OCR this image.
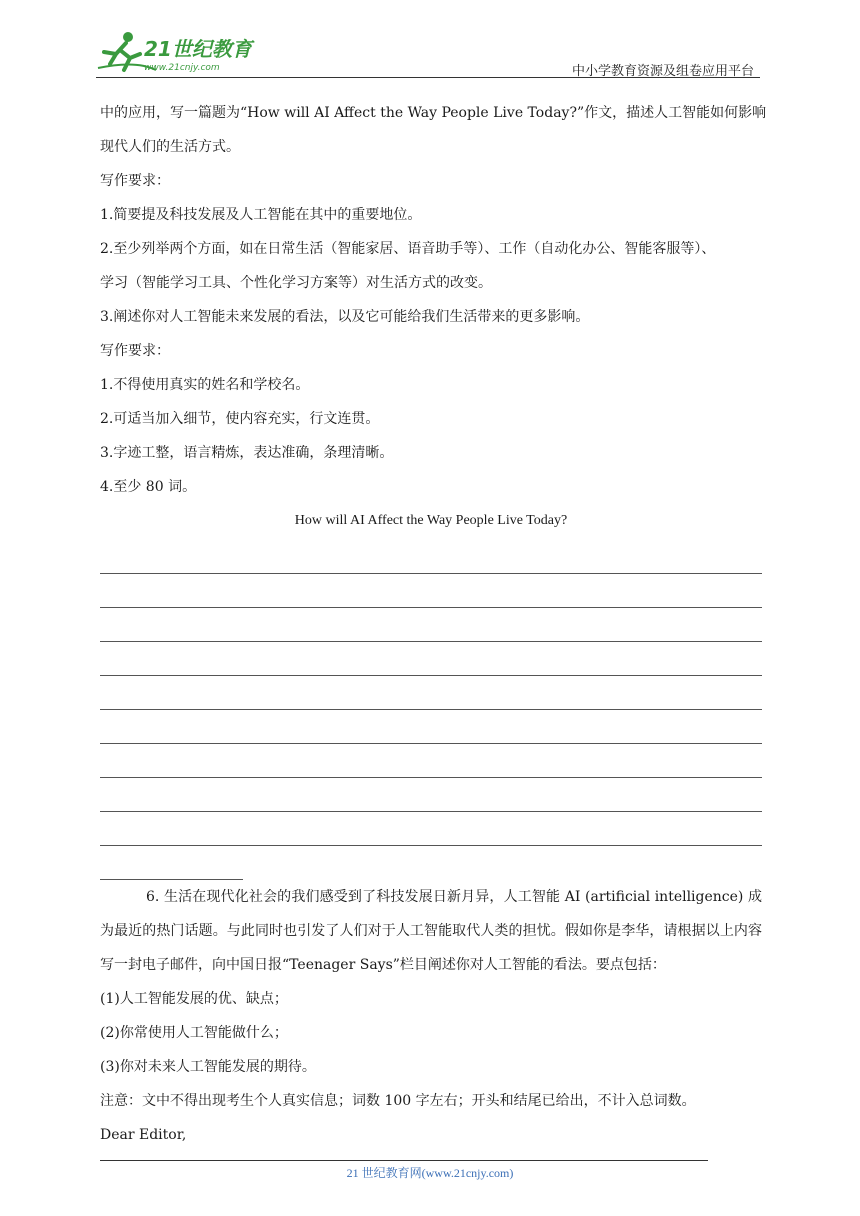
21世纪教育
www.21cnjy.com	中小学教育资源及组卷应用平台

中的应用，写一篇题为“How will AI Affect the Way People Live Today?”作文，描述人工智能如何影响

现代人们的生活方式。

写作要求：

1.简要提及科技发展及人工智能在其中的重要地位。

2.至少列举两个方面，如在日常生活（智能家居、语音助手等）、工作（自动化办公、智能客服等）、

学习（智能学习工具、个性化学习方案等）对生活方式的改变。

3.阐述你对人工智能未来发展的看法，以及它可能给我们生活带来的更多影响。

写作要求：

1.不得使用真实的姓名和学校名。

2.可适当加入细节，使内容充实，行文连贯。

3.字迹工整，语言精炼，表达准确，条理清晰。

4.至少 80 词。

How will AI Affect the Way People Live Today?

6. 生活在现代化社会的我们感受到了科技发展日新月异，人工智能 AI (artificial intelligence) 成为最近的热门话题。与此同时也引发了人们对于人工智能取代人类的担忧。假如你是李华，请根据以上内容写一封电子邮件，向中国日报“Teenager Says”栏目阐述你对人工智能的看法。要点包括：

(1)人工智能发展的优、缺点；

(2)你常使用人工智能做什么；

(3)你对未来人工智能发展的期待。

注意：文中不得出现考生个人真实信息；词数 100 字左右；开头和结尾已给出，不计入总词数。

Dear Editor,

21 世纪教育网(www.21cnjy.com)
